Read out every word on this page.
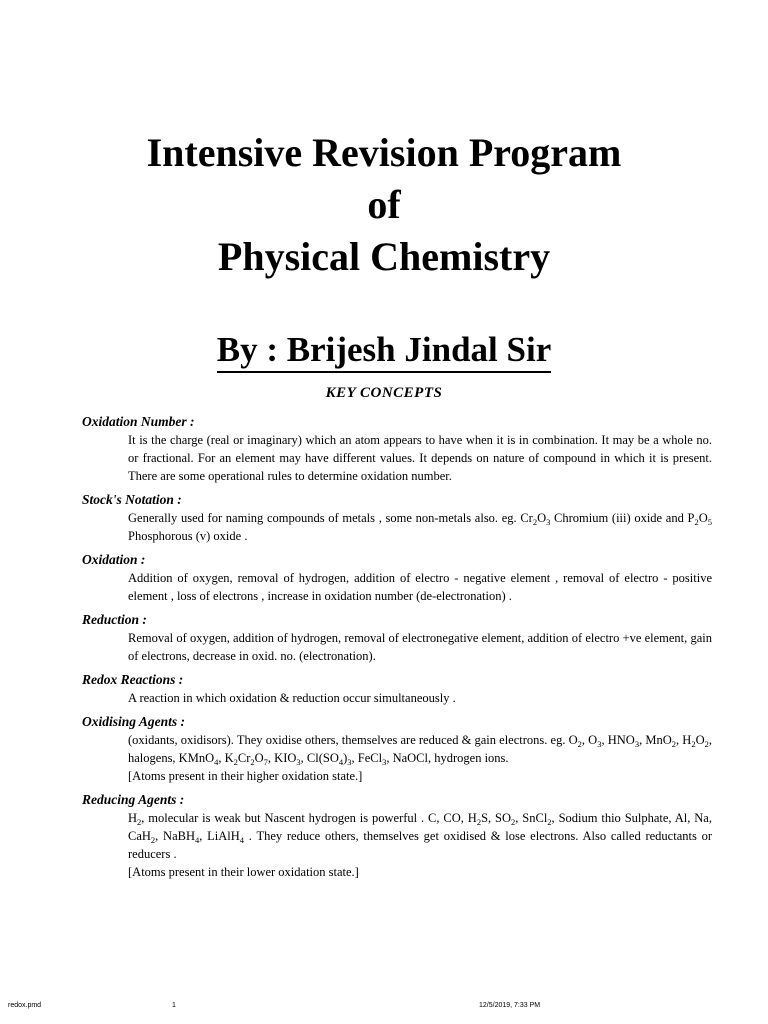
Intensive Revision Program

of

Physical Chemistry

By : Brijesh Jindal Sir
KEY CONCEPTS
Oxidation Number :
It is the charge (real or imaginary) which an atom appears to have when it is in combination. It may be a whole no. or fractional. For an element may have different values. It depends on nature of compound in which it is present. There are some operational rules to determine oxidation number.
Stock's Notation :
Generally used for naming compounds of metals , some non-metals also. eg. $Cr_2O_3$ Chromium (iii) oxide and $P_2O_5$ Phosphorous (v) oxide .
Oxidation :
Addition of oxygen, removal of hydrogen, addition of electro - negative element , removal of electro - positive element , loss of electrons , increase in oxidation number (de-electronation) .
Reduction :
Removal of oxygen, addition of hydrogen, removal of electronegative element, addition of electro +ve element, gain of electrons, decrease in oxid. no. (electronation).
Redox Reactions :
A reaction in which oxidation & reduction occur simultaneously .
Oxidising Agents :
(oxidants, oxidisors). They oxidise others, themselves are reduced & gain electrons. eg. $O_2$, $O_3$, $HNO_3$, MnO$_2$, $H_2O_2$, halogens, KMnO$_4$, $K_2Cr_2O_7$, $KIO_3$, $Cl(SO_4)_3$, FeCl$_3$, NaOCl, hydrogen ions.
[Atoms present in their higher oxidation state.]
Reducing Agents :
$H_2$, molecular is weak but Nascent hydrogen is powerful . C, CO, $H_2S$, $SO_2$, SnCl$_2$, Sodium thio Sulphate, Al, Na, CaH$_2$, NaBH$_4$, LiAlH$_4$ . They reduce others, themselves get oxidised & lose electrons. Also called reductants or reducers .
[Atoms present in their lower oxidation state.]
redox.pmd	1	12/5/2019, 7:33 PM
